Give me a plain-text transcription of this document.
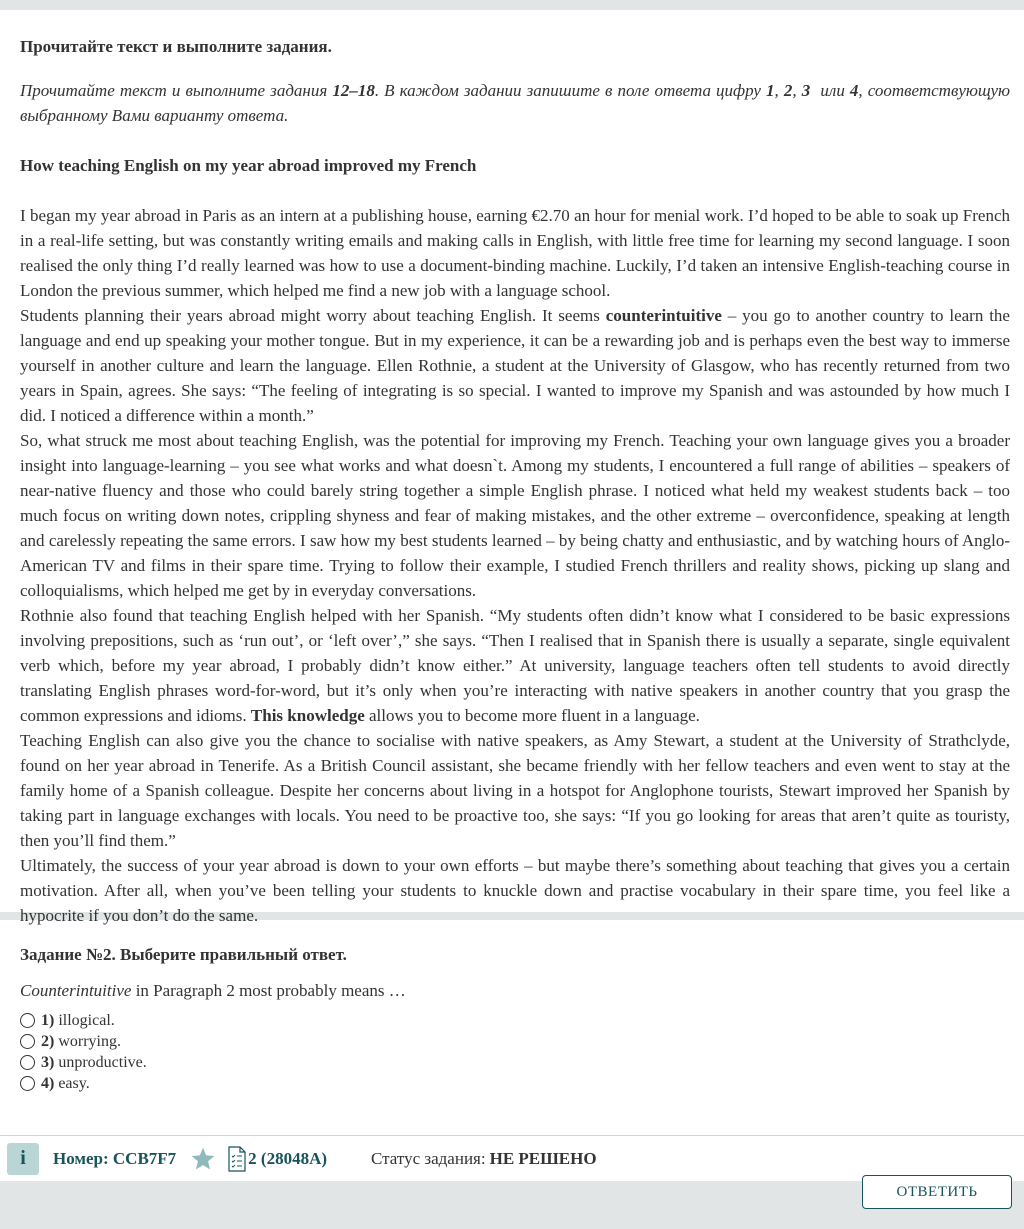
Прочитайте текст и выполните задания.

Прочитайте текст и выполните задания 12–18. В каждом задании запишите в поле ответа цифру 1, 2, 3  или 4, соответствующую выбранному Вами варианту ответа.

How teaching English on my year abroad improved my French

I began my year abroad in Paris as an intern at a publishing house, earning €2.70 an hour for menial work. I’d hoped to be able to soak up French in a real-life setting, but was constantly writing emails and making calls in English, with little free time for learning my second language. I soon realised the only thing I’d really learned was how to use a document-binding machine. Luckily, I’d taken an intensive English-teaching course in London the previous summer, which helped me find a new job with a language school.

Students planning their years abroad might worry about teaching English. It seems counterintuitive – you go to another country to learn the language and end up speaking your mother tongue. But in my experience, it can be a rewarding job and is perhaps even the best way to immerse yourself in another culture and learn the language. Ellen Rothnie, a student at the University of Glasgow, who has recently returned from two years in Spain, agrees. She says: “The feeling of integrating is so special. I wanted to improve my Spanish and was astounded by how much I did. I noticed a difference within a month.”

So, what struck me most about teaching English, was the potential for improving my French. Teaching your own language gives you a broader insight into language-learning – you see what works and what doesn`t. Among my students, I encountered a full range of abilities – speakers of near-native fluency and those who could barely string together a simple English phrase. I noticed what held my weakest students back – too much focus on writing down notes, crippling shyness and fear of making mistakes, and the other extreme – overconfidence, speaking at length and carelessly repeating the same errors. I saw how my best students learned – by being chatty and enthusiastic, and by watching hours of Anglo-American TV and films in their spare time. Trying to follow their example, I studied French thrillers and reality shows, picking up slang and colloquialisms, which helped me get by in everyday conversations.

Rothnie also found that teaching English helped with her Spanish. “My students often didn’t know what I considered to be basic expressions involving prepositions, such as ‘run out’, or ‘left over’,” she says. “Then I realised that in Spanish there is usually a separate, single equivalent verb which, before my year abroad, I probably didn’t know either.” At university, language teachers often tell students to avoid directly translating English phrases word-for-word, but it’s only when you’re interacting with native speakers in another country that you grasp the common expressions and idioms. This knowledge allows you to become more fluent in a language.

Teaching English can also give you the chance to socialise with native speakers, as Amy Stewart, a student at the University of Strathclyde, found on her year abroad in Tenerife. As a British Council assistant, she became friendly with her fellow teachers and even went to stay at the family home of a Spanish colleague. Despite her concerns about living in a hotspot for Anglophone tourists, Stewart improved her Spanish by taking part in language exchanges with locals. You need to be proactive too, she says: “If you go looking for areas that aren’t quite as touristy, then you’ll find them.”

Ultimately, the success of your year abroad is down to your own efforts – but maybe there’s something about teaching that gives you a certain motivation. After all, when you’ve been telling your students to knuckle down and practise vocabulary in their spare time, you feel like a hypocrite if you don’t do the same.

Задание №2. Выберите правильный ответ.
Counterintuitive in Paragraph 2 most probably means …
1) illogical.
2) worrying.
3) unproductive.
4) easy.
i	Номер: CCB7F7	2 (28048A)	Статус задания: НЕ РЕШЕНО
ОТВЕТИТЬ
